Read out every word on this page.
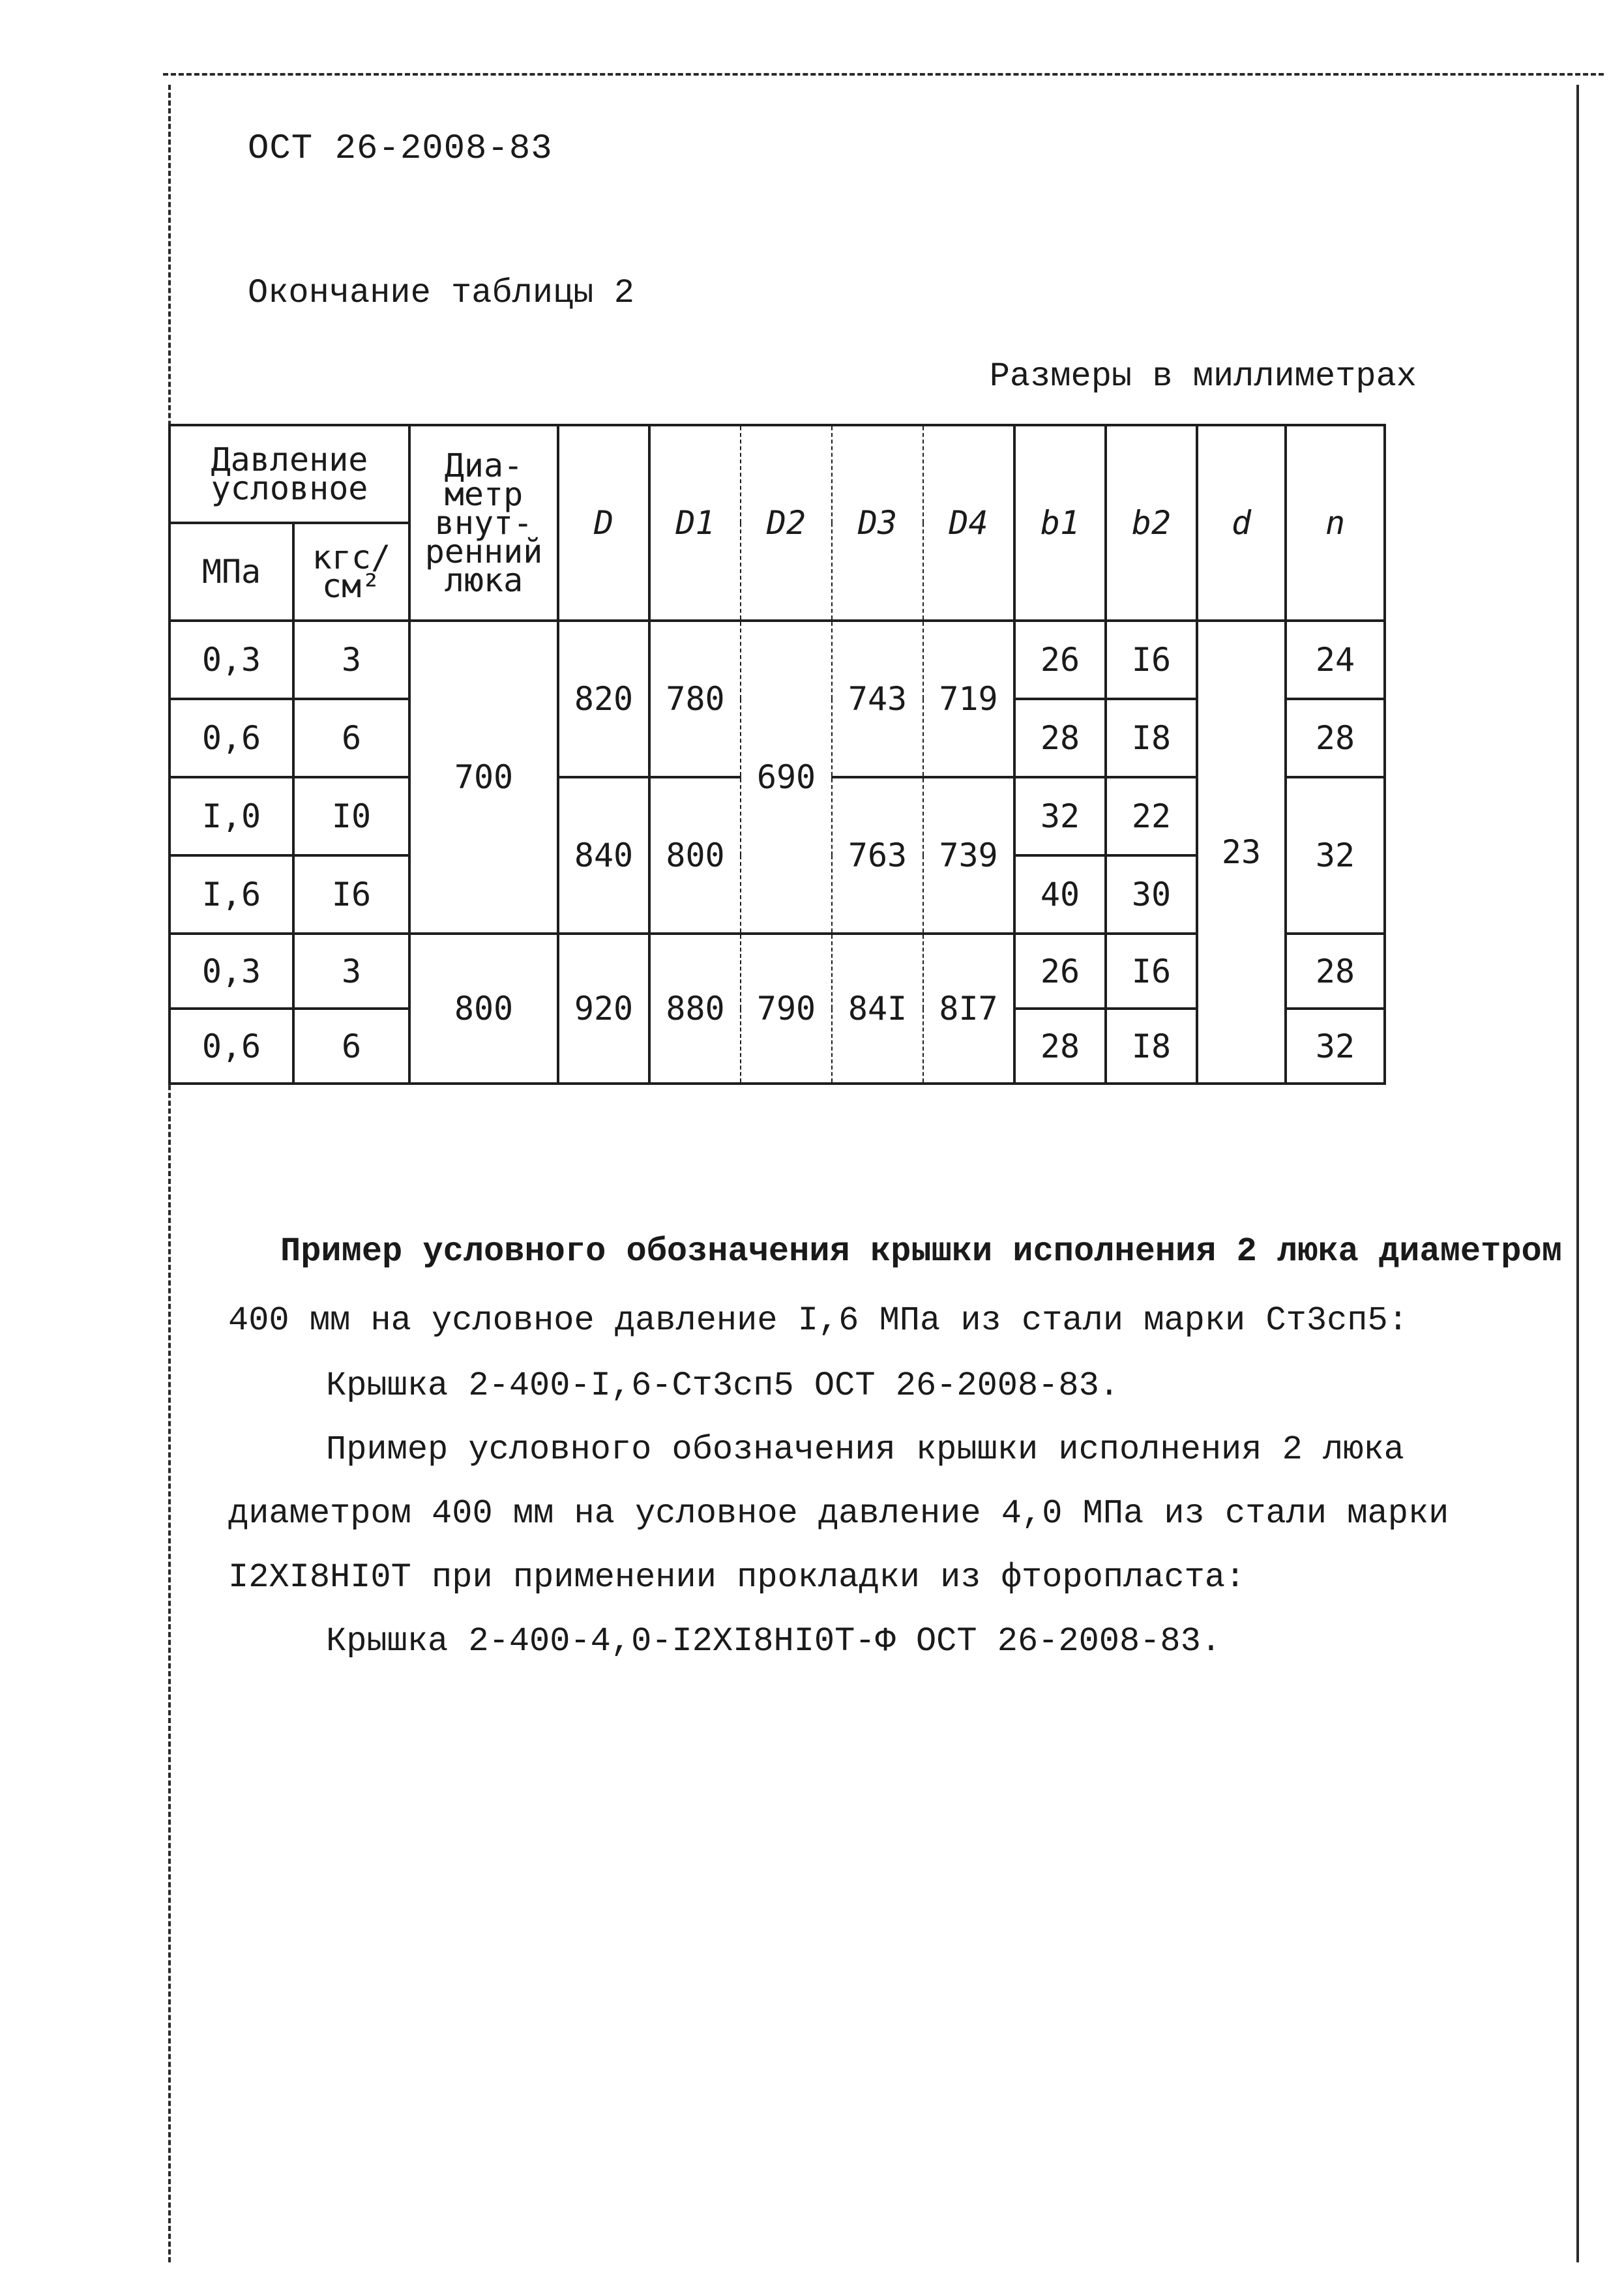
ОСТ 26-2008-83
Окончание таблицы 2
Размеры в миллиметрах
Давление условное		Диа-метр внут-ренний люка	D	D1	D2	D3	D4	b1	b2	d	n
МПа	кгс/см²										
0,3	3	700	820	780	690	743	719	26	I6	23	24
0,6	6							28	I8		28
I,0	I0		840	800		763	739	32	22		32
I,6	I6							40	30		
0,3	3	800	920	880	790	84I	8I7	26	I6		28
0,6	6							28	I8		32
Пример условного обозначения крышки исполнения 2 люка диаметром
400 мм на условное давление I,6 МПа из стали марки Ст3сп5:
Крышка 2-400-I,6-Ст3сп5 ОСТ 26-2008-83.
Пример условного обозначения крышки исполнения 2 люка
диаметром 400 мм на условное давление 4,0 МПа из стали марки
I2XI8HI0T при применении прокладки из фторопласта:
Крышка 2-400-4,0-I2XI8HI0T-Ф ОСТ 26-2008-83.
